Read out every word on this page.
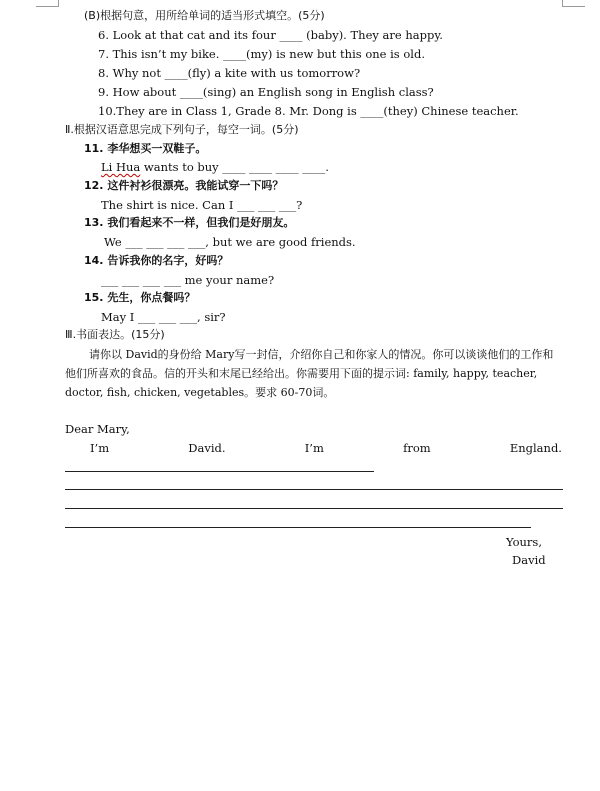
(B)根据句意，用所给单词的适当形式填空。(5分)
6. Look at that cat and its four ____ (baby). They are happy.
7. This isn’t my bike. ____(my) is new but this one is old.
8. Why not ____(fly) a kite with us tomorrow?
9. How about ____(sing) an English song in English class?
10.They are in Class 1, Grade 8. Mr. Dong is ____(they) Chinese teacher.
Ⅱ.根据汉语意思完成下列句子，每空一词。(5分)
11. 李华想买一双鞋子。
Li Hua wants to buy ____ ____ ____ ____.
12. 这件衬衫很漂亮。我能试穿一下吗？
The shirt is nice. Can I ___ ___ ___?
13. 我们看起来不一样，但我们是好朋友。
We ___ ___ ___ ___, but we are good friends.
14. 告诉我你的名字，好吗？
___ ___ ___ ___ me your name?
15. 先生，你点餐吗？
May I ___ ___ ___, sir?
Ⅲ.书面表达。(15分)
请你以 David的身份给 Mary写一封信，介绍你自己和你家人的情况。你可以谈谈他们的工作和他们所喜欢的食品。信的开头和末尾已经给出。你需要用下面的提示词: family, happy, teacher, doctor, fish, chicken, vegetables。要求 60-70词。
Dear Mary,
I’m	David.	I’m	from	England.
Yours,
David
